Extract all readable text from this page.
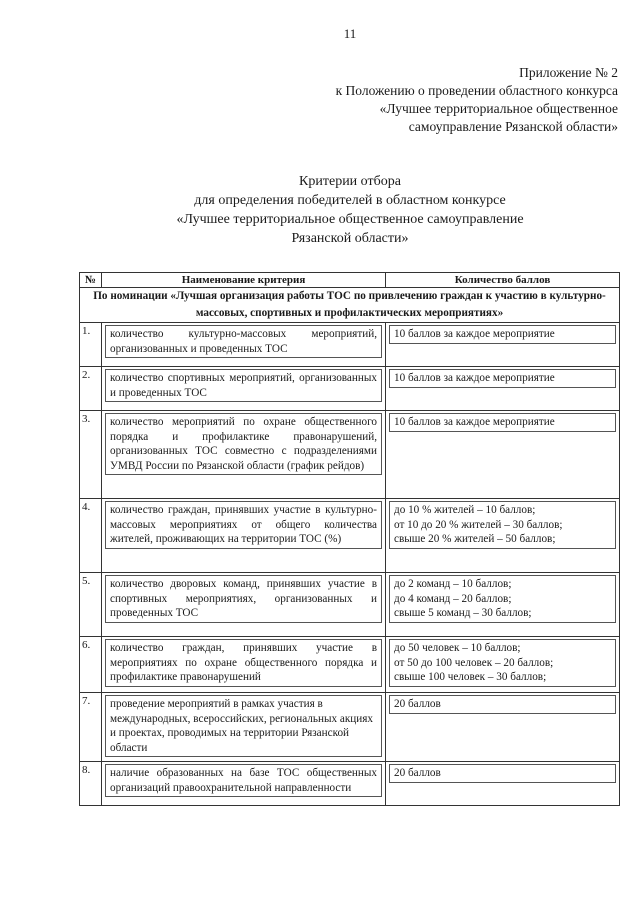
11
Приложение № 2
к Положению о проведении областного конкурса
«Лучшее территориальное общественное
самоуправление Рязанской области»
Критерии отбора
для определения победителей в областном конкурсе
«Лучшее территориальное общественное самоуправление
Рязанской области»
№	Наименование критерия	Количество баллов
По номинации «Лучшая организация работы ТОС по привлечению граждан к участию в культурно-массовых, спортивных и профилактических мероприятиях»		
1.	количество культурно-массовых мероприятий, организованных и проведенных ТОС	10 баллов за каждое мероприятие

2.	количество спортивных мероприятий, организованных и проведенных ТОС	10 баллов за каждое мероприятие

3.	количество мероприятий по охране общественного порядка и профилактике правонарушений, организованных ТОС совместно с подразделениями УМВД России по Рязанской области (график рейдов)	10 баллов за каждое мероприятие

4.	количество граждан, принявших участие в культурно-массовых мероприятиях от общего количества жителей, проживающих на территории ТОС (%)	до 10 % жителей – 10 баллов;
от 10 до 20 % жителей – 30 баллов;
свыше 20 % жителей – 50 баллов;

5.	количество дворовых команд, принявших участие в спортивных мероприятиях, организованных и проведенных ТОС	до 2 команд – 10 баллов;
до 4 команд – 20 баллов;
свыше 5 команд – 30 баллов;

6.	количество граждан, принявших участие в мероприятиях по охране общественного порядка и профилактике правонарушений	до 50 человек – 10 баллов;
от 50 до 100 человек – 20 баллов;
свыше 100 человек – 30 баллов;

7.	проведение мероприятий в рамках участия в международных, всероссийских, региональных акциях и проектах, проводимых на территории Рязанской области	20 баллов

8.	наличие образованных на базе ТОС общественных организаций правоохранительной направленности	20 баллов
